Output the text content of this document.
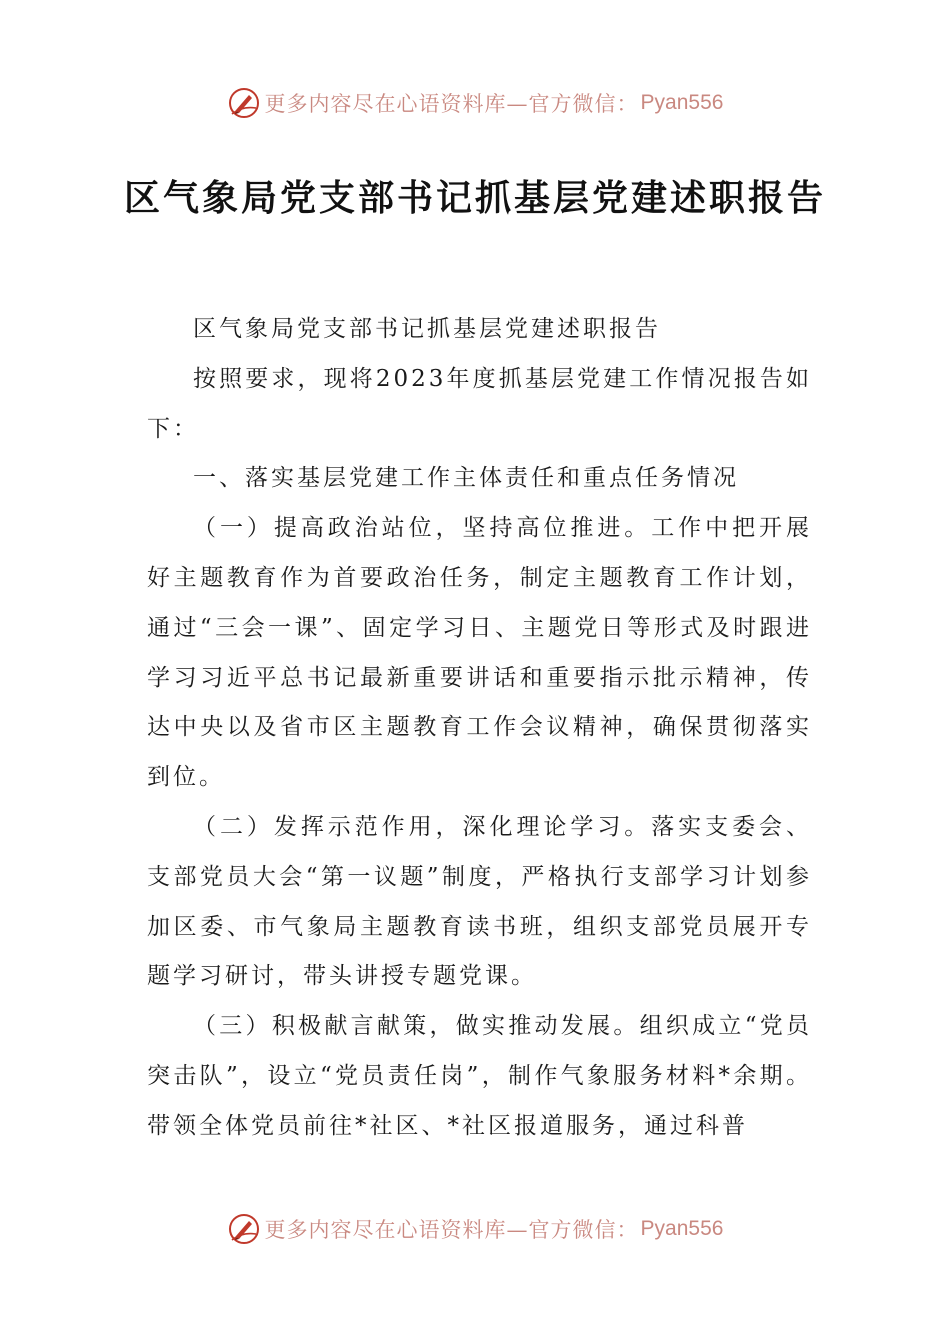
更多内容尽在心语资料库—官方微信： Pyan556
区气象局党支部书记抓基层党建述职报告

区气象局党支部书记抓基层党建述职报告

按照要求，现将2023年度抓基层党建工作情况报告如下：

一、落实基层党建工作主体责任和重点任务情况

（一）提高政治站位，坚持高位推进。工作中把开展好主题教育作为首要政治任务，制定主题教育工作计划，通过“三会一课”、固定学习日、主题党日等形式及时跟进学习习近平总书记最新重要讲话和重要指示批示精神，传达中央以及省市区主题教育工作会议精神，确保贯彻落实到位。

（二）发挥示范作用，深化理论学习。落实支委会、支部党员大会“第一议题”制度，严格执行支部学习计划参加区委、市气象局主题教育读书班，组织支部党员展开专题学习研讨，带头讲授专题党课。

（三）积极献言献策，做实推动发展。组织成立“党员突击队”，设立“党员责任岗”，制作气象服务材料*余期。带领全体党员前往*社区、*社区报道服务，通过科普

更多内容尽在心语资料库—官方微信： Pyan556
